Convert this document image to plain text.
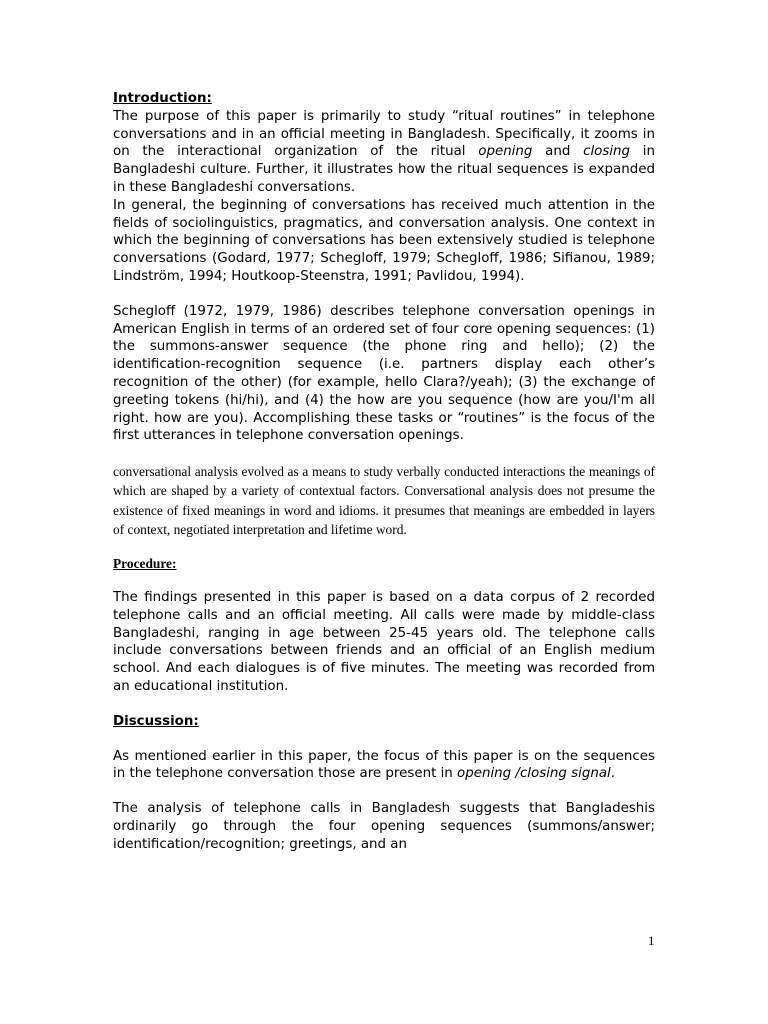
Introduction:

The purpose of this paper is primarily to study “ritual routines” in telephone conversations and in an official meeting in Bangladesh. Specifically, it zooms in on the interactional organization of the ritual opening and closing in Bangladeshi culture. Further, it illustrates how the ritual sequences is expanded in these Bangladeshi conversations.

In general, the beginning of conversations has received much attention in the fields of sociolinguistics, pragmatics, and conversation analysis. One context in which the beginning of conversations has been extensively studied is telephone conversations (Godard, 1977; Schegloff, 1979; Schegloff, 1986; Sifianou, 1989; Lindström, 1994; Houtkoop-Steenstra, 1991; Pavlidou, 1994).

Schegloff (1972, 1979, 1986) describes telephone conversation openings in American English in terms of an ordered set of four core opening sequences: (1) the summons-answer sequence (the phone ring and hello); (2) the identification-recognition sequence (i.e. partners display each other’s recognition of the other) (for example, hello Clara?/yeah); (3) the exchange of greeting tokens (hi/hi), and (4) the how are you sequence (how are you/I'm all right. how are you). Accomplishing these tasks or “routines” is the focus of the first utterances in telephone conversation openings.

conversational analysis evolved as a means to study verbally conducted interactions the meanings of which are shaped by a variety of contextual factors. Conversational analysis does not presume the existence of fixed meanings in word and idioms. it presumes that meanings are embedded in layers of context, negotiated interpretation and lifetime word.

Procedure:

The findings presented in this paper is based on a data corpus of 2 recorded telephone calls and an official meeting. All calls were made by middle-class Bangladeshi, ranging in age between 25-45 years old. The telephone calls include conversations between friends and an official of an English medium school. And each dialogues is of five minutes. The meeting was recorded from an educational institution.

Discussion:

As mentioned earlier in this paper, the focus of this paper is on the sequences in the telephone conversation those are present in opening /closing signal.

The analysis of telephone calls in Bangladesh suggests that Bangladeshis ordinarily go through the four opening sequences (summons/answer; identification/recognition; greetings, and an

1
